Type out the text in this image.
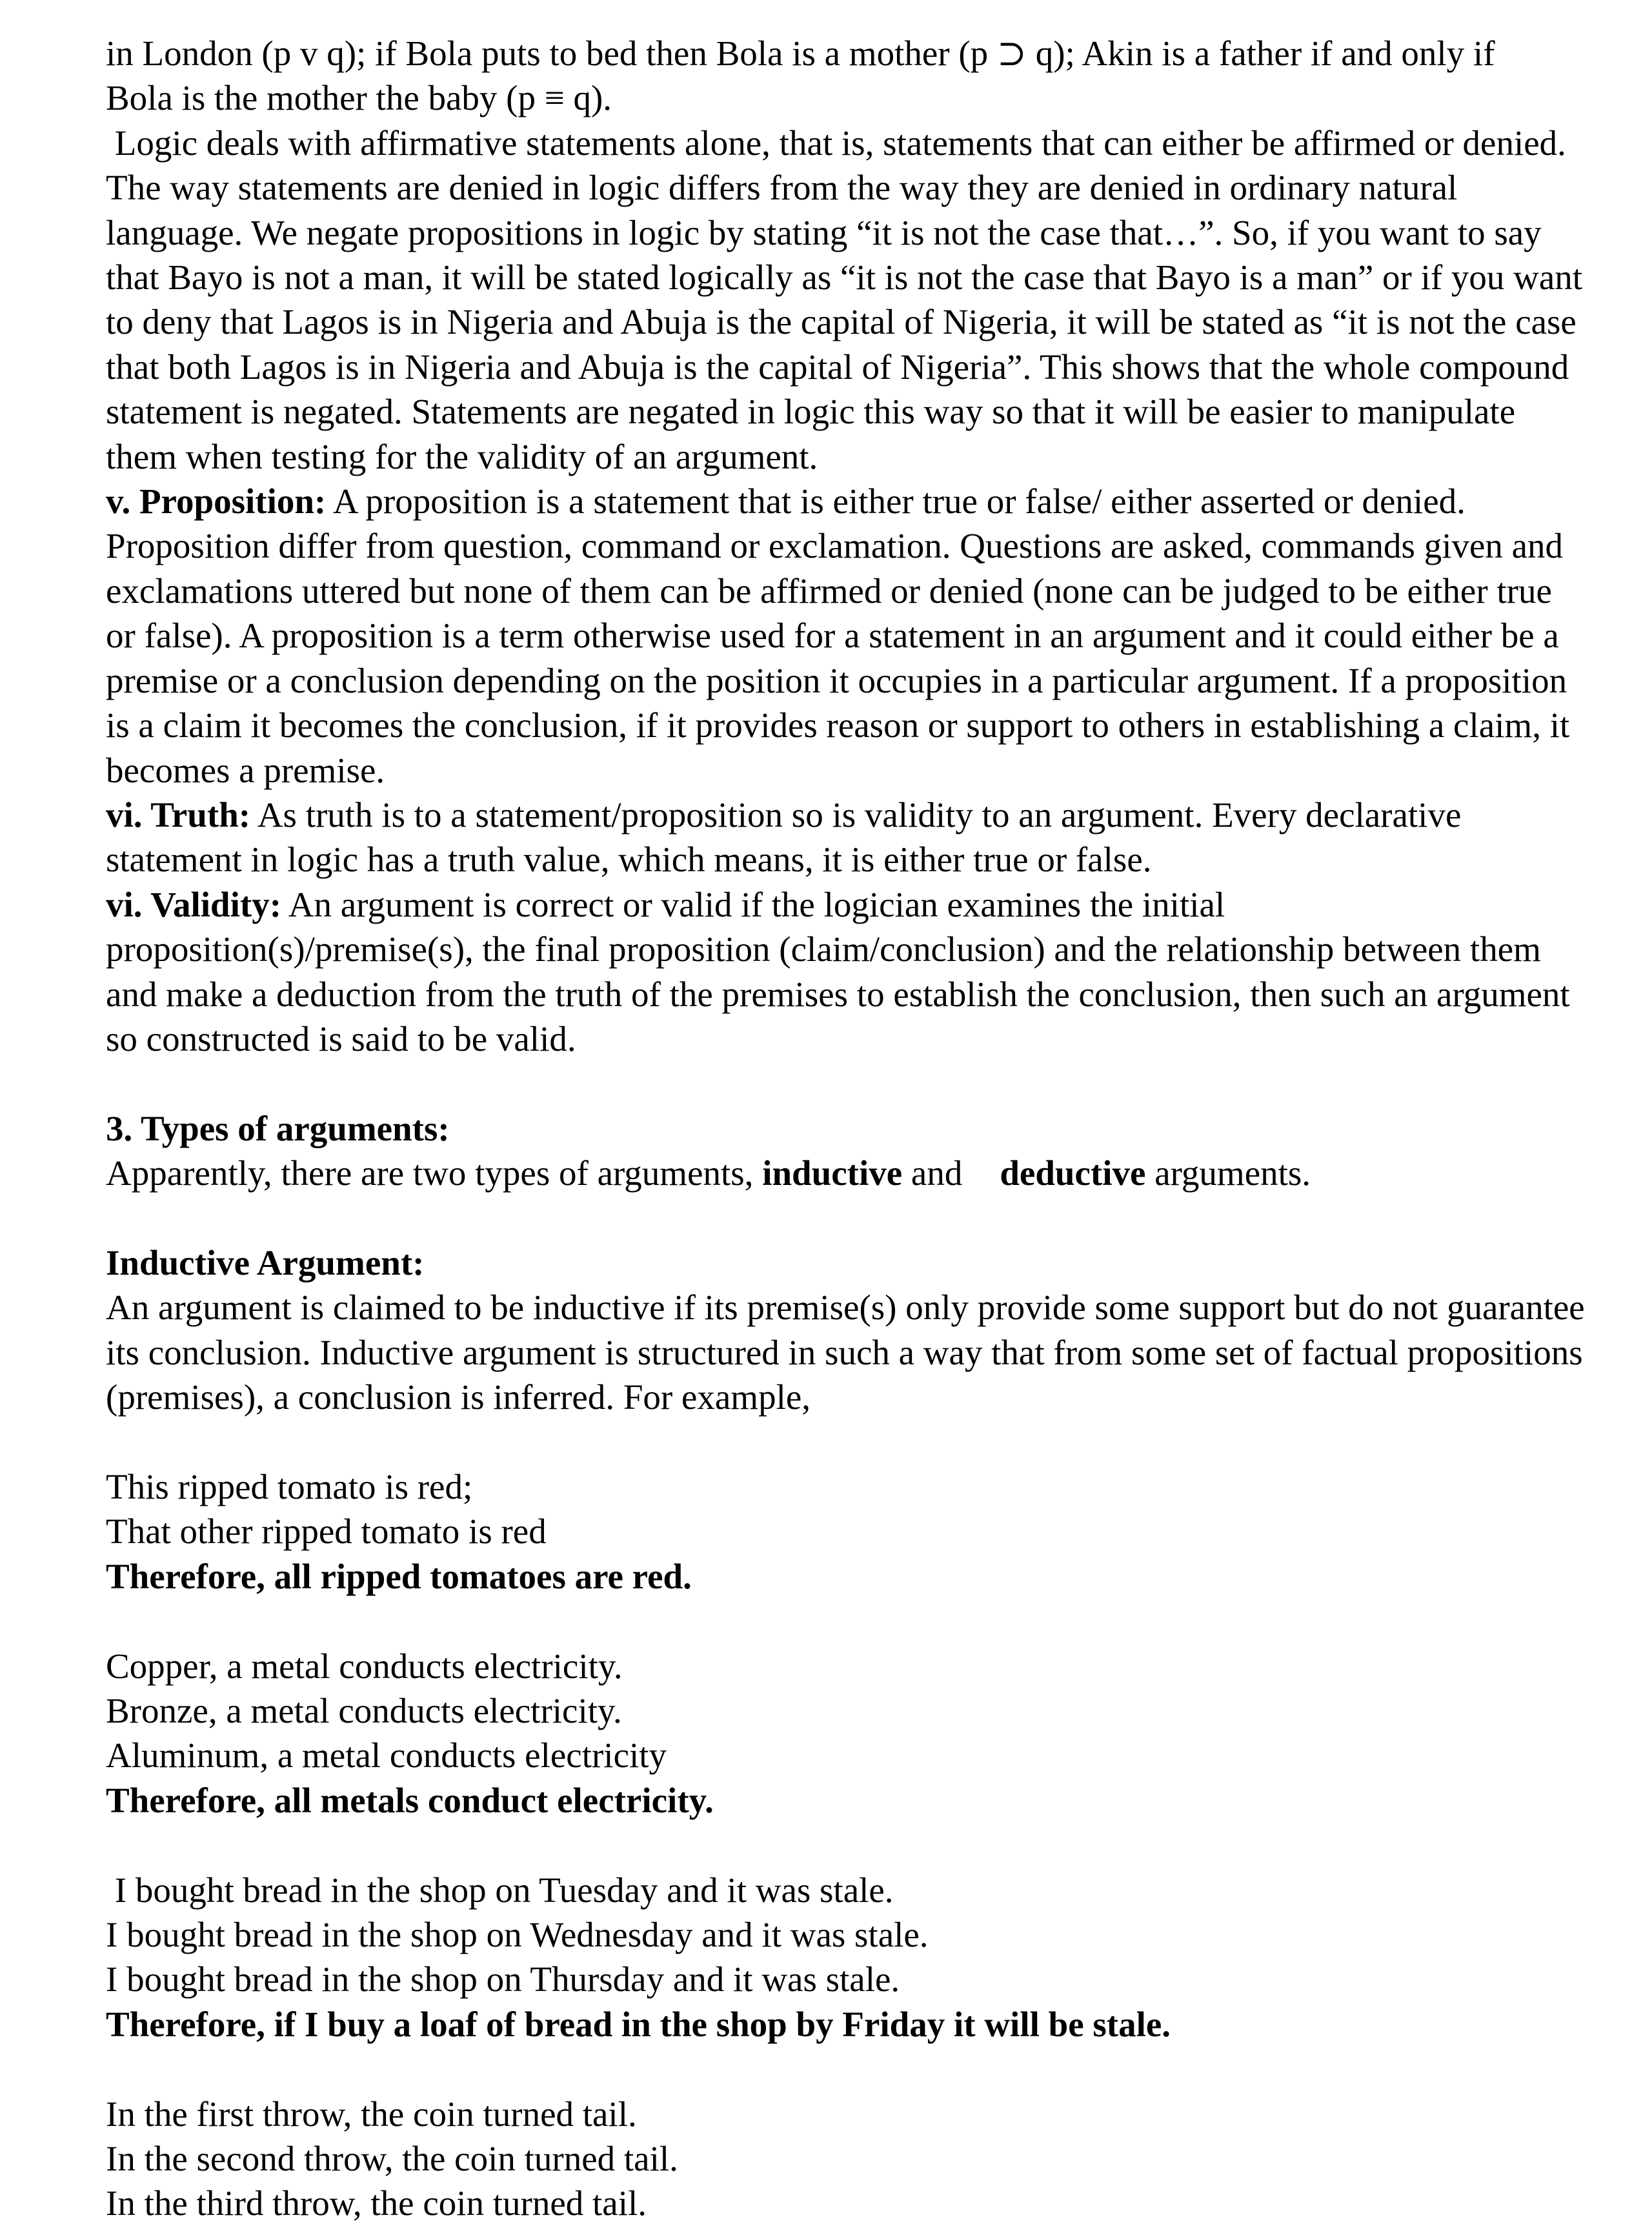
in London (p v q); if Bola puts to bed then Bola is a mother (p ⊃ q); Akin is a father if and only if

Bola is the mother the baby (p ≡ q).

Logic deals with affirmative statements alone, that is, statements that can either be affirmed or denied. The way statements are denied in logic differs from the way they are denied in ordinary natural language. We negate propositions in logic by stating “it is not the case that…”. So, if you want to say that Bayo is not a man, it will be stated logically as “it is not the case that Bayo is a man” or if you want to deny that Lagos is in Nigeria and Abuja is the capital of Nigeria, it will be stated as “it is not the case that both Lagos is in Nigeria and Abuja is the capital of Nigeria”. This shows that the whole compound statement is negated. Statements are negated in logic this way so that it will be easier to manipulate them when testing for the validity of an argument.

v. Proposition: A proposition is a statement that is either true or false/ either asserted or denied. Proposition differ from question, command or exclamation. Questions are asked, commands given and exclamations uttered but none of them can be affirmed or denied (none can be judged to be either true or false). A proposition is a term otherwise used for a statement in an argument and it could either be a premise or a conclusion depending on the position it occupies in a particular argument. If a proposition is a claim it becomes the conclusion, if it provides reason or support to others in establishing a claim, it becomes a premise.

vi. Truth: As truth is to a statement/proposition so is validity to an argument. Every declarative statement in logic has a truth value, which means, it is either true or false.

vi. Validity: An argument is correct or valid if the logician examines the initial proposition(s)/premise(s), the final proposition (claim/conclusion) and the relationship between them and make a deduction from the truth of the premises to establish the conclusion, then such an argument so constructed is said to be valid.

3. Types of arguments:

Apparently, there are two types of arguments, inductive and deductive arguments.

Inductive Argument:

An argument is claimed to be inductive if its premise(s) only provide some support but do not guarantee its conclusion. Inductive argument is structured in such a way that from some set of factual propositions (premises), a conclusion is inferred. For example,

This ripped tomato is red;

That other ripped tomato is red

Therefore, all ripped tomatoes are red.

Copper, a metal conducts electricity.

Bronze, a metal conducts electricity.

Aluminum, a metal conducts electricity

Therefore, all metals conduct electricity.

I bought bread in the shop on Tuesday and it was stale.

I bought bread in the shop on Wednesday and it was stale.

I bought bread in the shop on Thursday and it was stale.

Therefore, if I buy a loaf of bread in the shop by Friday it will be stale.

In the first throw, the coin turned tail.

In the second throw, the coin turned tail.

In the third throw, the coin turned tail.
